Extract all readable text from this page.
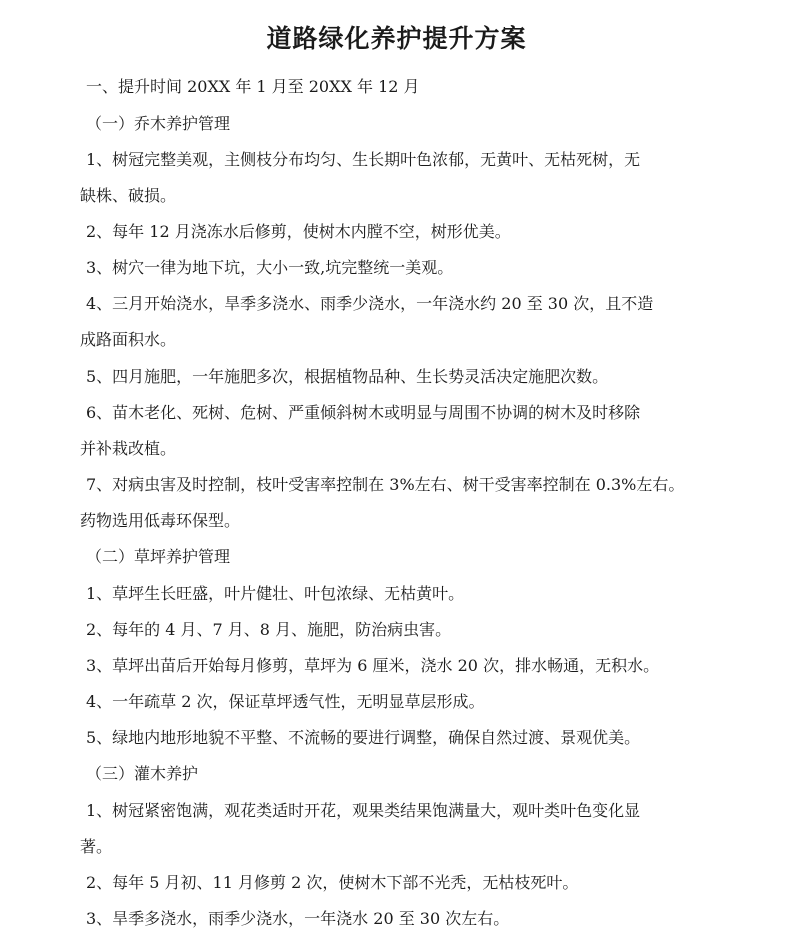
道路绿化养护提升方案
一、提升时间 20XX 年 1 月至 20XX 年 12 月
（一）乔木养护管理
1、树冠完整美观，主侧枝分布均匀、生长期叶色浓郁，无黄叶、无枯死树，无
缺株、破损。
2、每年 12 月浇冻水后修剪，使树木内膛不空，树形优美。
3、树穴一律为地下坑，大小一致,坑完整统一美观。
4、三月开始浇水，旱季多浇水、雨季少浇水，一年浇水约 20 至 30 次，且不造
成路面积水。
5、四月施肥，一年施肥多次，根据植物品种、生长势灵活决定施肥次数。
6、苗木老化、死树、危树、严重倾斜树木或明显与周围不协调的树木及时移除
并补栽改植。
7、对病虫害及时控制，枝叶受害率控制在 3%左右、树干受害率控制在 0.3%左右。
药物选用低毒环保型。
（二）草坪养护管理
1、草坪生长旺盛，叶片健壮、叶包浓绿、无枯黄叶。
2、每年的 4 月、7 月、8 月、施肥，防治病虫害。
3、草坪出苗后开始每月修剪，草坪为 6 厘米，浇水 20 次，排水畅通，无积水。
4、一年疏草 2 次，保证草坪透气性，无明显草层形成。
5、绿地内地形地貌不平整、不流畅的要进行调整，确保自然过渡、景观优美。
（三）灌木养护
1、树冠紧密饱满，观花类适时开花，观果类结果饱满量大，观叶类叶色变化显
著。
2、每年 5 月初、11 月修剪 2 次，使树木下部不光秃，无枯枝死叶。
3、旱季多浇水，雨季少浇水，一年浇水 20 至 30 次左右。
